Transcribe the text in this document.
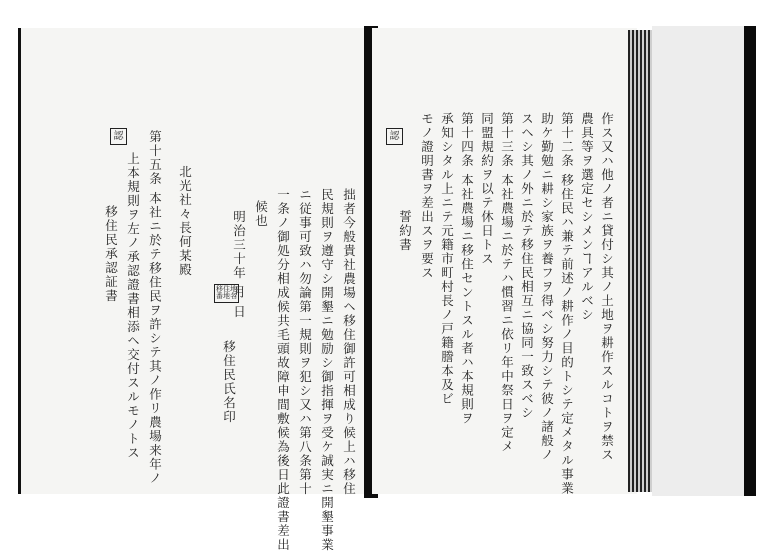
認 第十五条 本社ニ於テ移住民ヲ許シテ其ノ作リ農場来年ノ
上本規則ヲ左ノ承認證書相添ヘ交付スルモノトス
移住民承認証書	北光社々長何某殿	拙者今般貴社農場ヘ移住御許可相成り候上ハ移住
民規則ヲ遵守シ開墾ニ勉励シ御指揮ヲ受ケ誠実ニ開墾事業
ニ従事可致ハ勿論第一規則ヲ犯シ又ハ第八条第十
一条ノ御処分相成候共毛頭故障申間敷候為後日此證書差出
候也
明治三十年 月 日
移住民氏名印
移住地
番地名
認	作ス又ハ他ノ者ニ貸付シ其ノ土地ヲ耕作スルコトヲ禁ス
農具等ヲ選定セシメンヿアルベシ
第十二条 移住民ハ兼テ前述ノ耕作ノ目的トシテ定メタル事業
助ケ勤勉ニ耕シ家族ヲ養フヲ得ベシ努力シテ彼ノ諸般ノ
スヘシ其ノ外ニ於テ移住民相互ニ協同一致スベシ
第十三条 本社農場ニ於テハ慣習ニ依リ年中祭日ヲ定メ
同盟規約ヲ以テ休日トス
第十四条 本社農場ニ移住セントスル者ハ本規則ヲ
承知シタル上ニテ元籍市町村長ノ戸籍謄本及ビ
モノ證明書ヲ差出スヲ要ス
誓約書
